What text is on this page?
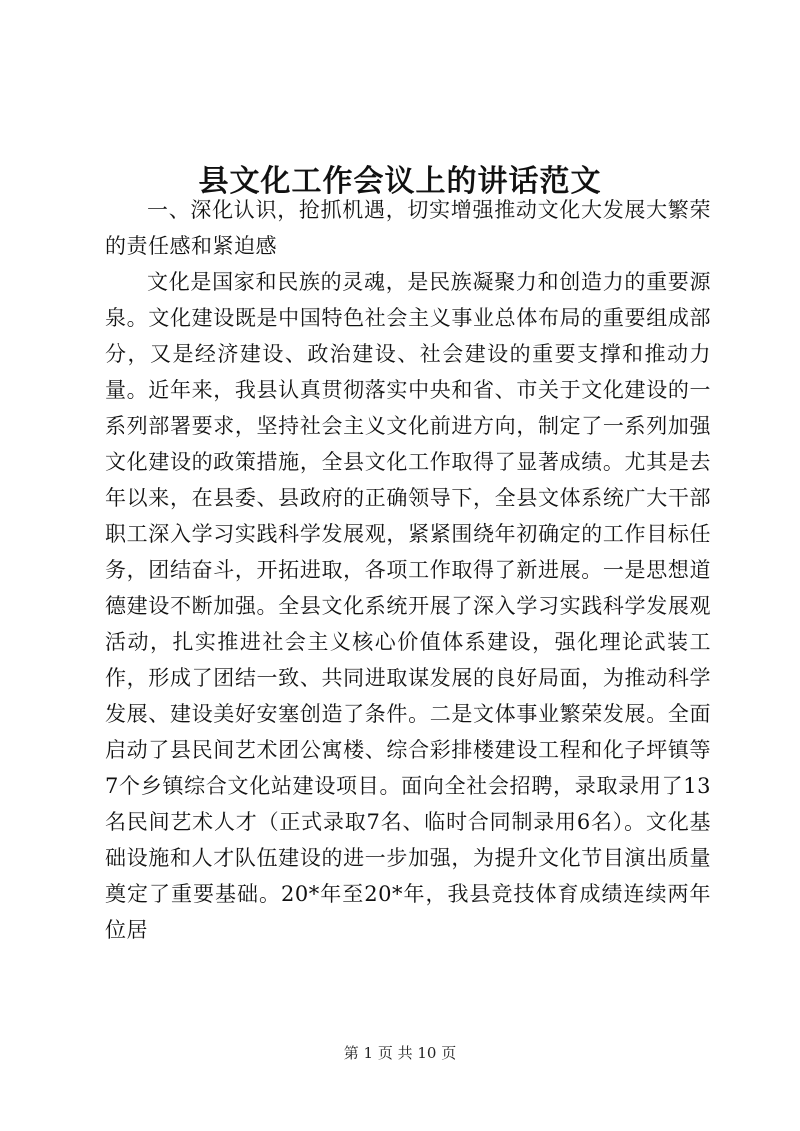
县文化工作会议上的讲话范文

一、深化认识，抢抓机遇，切实增强推动文化大发展大繁荣的责任感和紧迫感

文化是国家和民族的灵魂，是民族凝聚力和创造力的重要源泉。文化建设既是中国特色社会主义事业总体布局的重要组成部分，又是经济建设、政治建设、社会建设的重要支撑和推动力量。近年来，我县认真贯彻落实中央和省、市关于文化建设的一系列部署要求，坚持社会主义文化前进方向，制定了一系列加强文化建设的政策措施，全县文化工作取得了显著成绩。尤其是去年以来，在县委、县政府的正确领导下，全县文体系统广大干部职工深入学习实践科学发展观，紧紧围绕年初确定的工作目标任务，团结奋斗，开拓进取，各项工作取得了新进展。一是思想道德建设不断加强。全县文化系统开展了深入学习实践科学发展观活动，扎实推进社会主义核心价值体系建设，强化理论武装工作，形成了团结一致、共同进取谋发展的良好局面，为推动科学发展、建设美好安塞创造了条件。二是文体事业繁荣发展。全面启动了县民间艺术团公寓楼、综合彩排楼建设工程和化子坪镇等7个乡镇综合文化站建设项目。面向全社会招聘，录取录用了13名民间艺术人才（正式录取7名、临时合同制录用6名）。文化基础设施和人才队伍建设的进一步加强，为提升文化节目演出质量奠定了重要基础。20*年至20*年，我县竞技体育成绩连续两年位居

第 1 页 共 10 页
